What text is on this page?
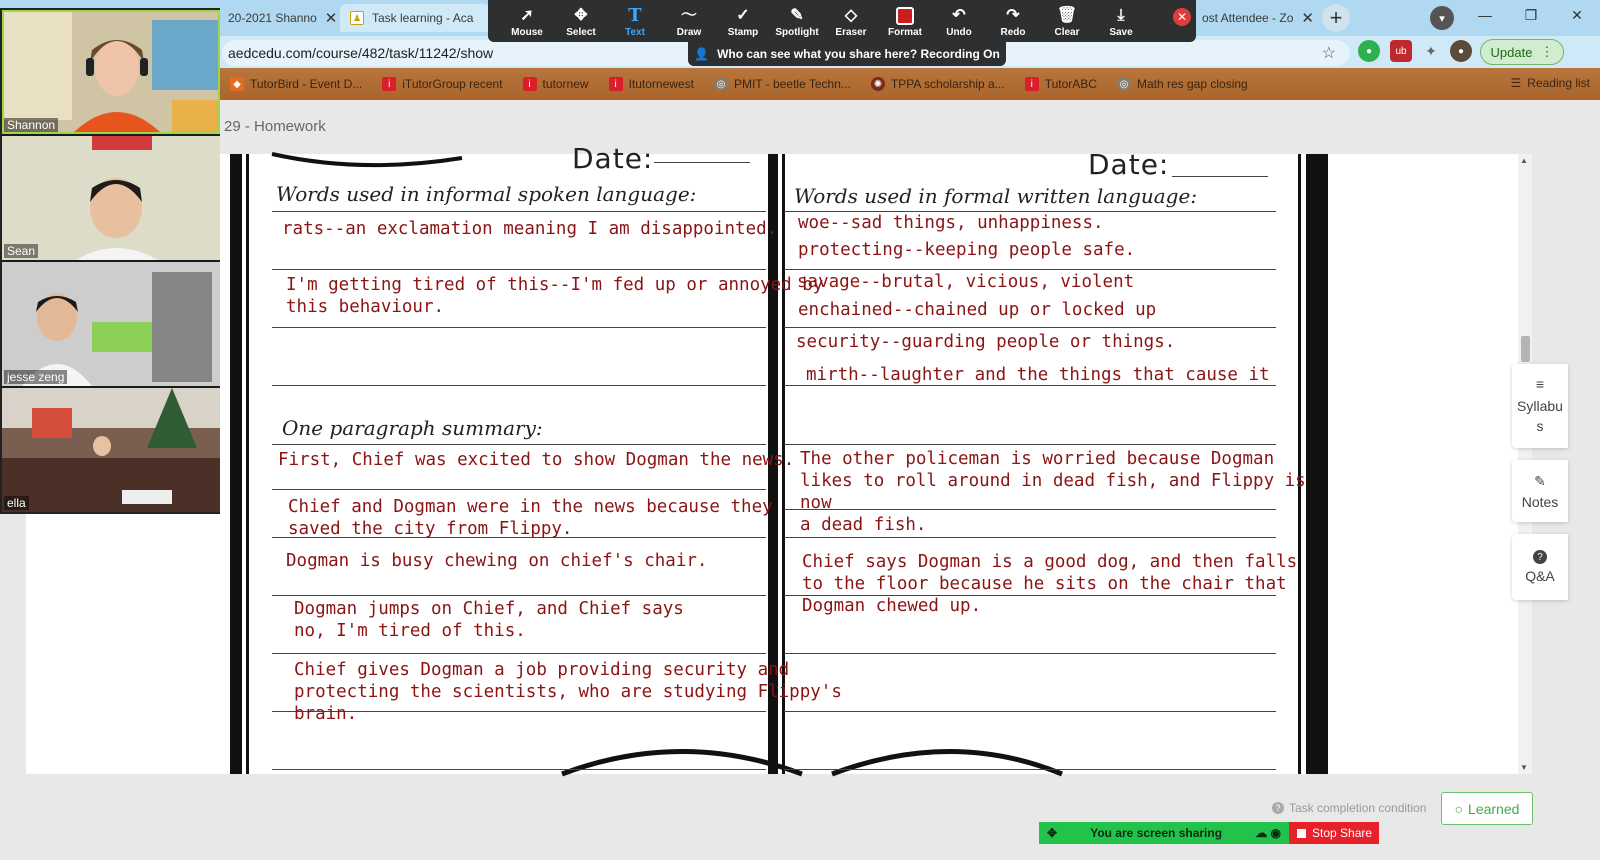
20-2021 Shanno ✕	♟ Task learning - Aca	ost Attendee - Zo ✕ +	▾	—	❐	✕
aedcedu.com/course/482/task/11242/show	☆	●	ub	✦	●	Update ⋮
◆ TutorBird - Event D...	i iTutorGroup recent	i tutornew	i Itutornewest ◎ PMIT - beetle Techn... ✺ TPPA scholarship a...	i TutorABC ◎ Math res gap closing	☰ Reading list
➚
Mouse
✥
Select
T
Text
〜
Draw
✓
Stamp
✎
Spotlight
◇
Eraser Format
↶
Undo
↷
Redo
🗑
Clear
⤓
Save
✕
👤 Who can see what you share here? Recording On
29 - Homework
Date:	Date:
Words used in informal spoken language:	Words used in formal written language:
One paragraph summary:
rats--an exclamation meaning I am disappointed.
I'm getting tired of this--I'm fed up or annoyed by
this behaviour.
woe--sad things, unhappiness.
protecting--keeping people safe.
savage--brutal, vicious, violent
enchained--chained up or locked up
security--guarding people or things.
mirth--laughter and the things that cause it
First, Chief was excited to show Dogman the news.
Chief and Dogman were in the news because they
saved the city from Flippy.
Dogman is busy chewing on chief's chair.
Dogman jumps on Chief, and Chief says
no, I'm tired of this.
Chief gives Dogman a job providing security and
protecting the scientists, who are studying Flippy's
brain.
The other policeman is worried because Dogman
likes to roll around in dead fish, and Flippy is now
a dead fish.
Chief says Dogman is a good dog, and then falls
to the floor because he sits on the chair that
Dogman chewed up.
▲
▼
Shannon
Sean
jesse zeng
ella
≡
Syllabu
s
✎
Notes
?
Q&A
? Task completion condition ○ Learned
✥	You are screen sharing	☁ ◉	Stop Share
